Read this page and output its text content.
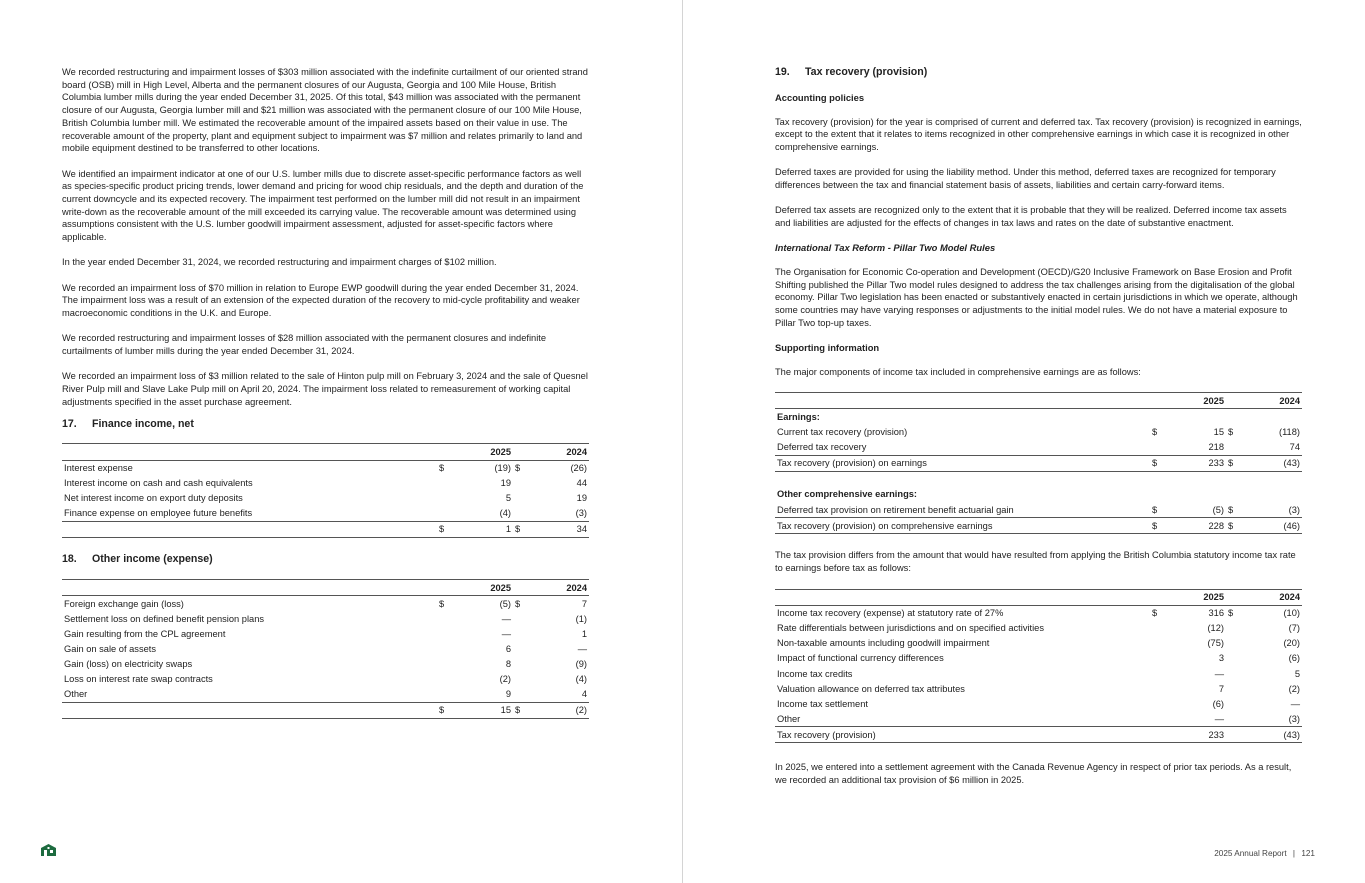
We recorded restructuring and impairment losses of $303 million associated with the indefinite curtailment of our oriented strand board (OSB) mill in High Level, Alberta and the permanent closures of our Augusta, Georgia and 100 Mile House, British Columbia lumber mills during the year ended December 31, 2025. Of this total, $43 million was associated with the permanent closure of our Augusta, Georgia lumber mill and $21 million was associated with the permanent closure of our 100 Mile House, British Columbia lumber mill. We estimated the recoverable amount of the impaired assets based on their value in use. The recoverable amount of the property, plant and equipment subject to impairment was $7 million and relates primarily to land and mobile equipment destined to be transferred to other locations.

We identified an impairment indicator at one of our U.S. lumber mills due to discrete asset-specific performance factors as well as species-specific product pricing trends, lower demand and pricing for wood chip residuals, and the depth and duration of the current downcycle and its expected recovery. The impairment test performed on the lumber mill did not result in an impairment write-down as the recoverable amount of the mill exceeded its carrying value. The recoverable amount was determined using assumptions consistent with the U.S. lumber goodwill impairment assessment, adjusted for asset-specific factors where applicable.

In the year ended December 31, 2024, we recorded restructuring and impairment charges of $102 million.

We recorded an impairment loss of $70 million in relation to Europe EWP goodwill during the year ended December 31, 2024. The impairment loss was a result of an extension of the expected duration of the recovery to mid-cycle profitability and weaker macroeconomic conditions in the U.K. and Europe.

We recorded restructuring and impairment losses of $28 million associated with the permanent closures and indefinite curtailments of lumber mills during the year ended December 31, 2024.

We recorded an impairment loss of $3 million related to the sale of Hinton pulp mill on February 3, 2024 and the sale of Quesnel River Pulp mill and Slave Lake Pulp mill on April 20, 2024. The impairment loss related to remeasurement of working capital adjustments specified in the asset purchase agreement.

17. Finance income, net
		2025		2024
Interest expense	$	(19)	$	(26)
Interest income on cash and cash equivalents		19		44
Net interest income on export duty deposits		5		19
Finance expense on employee future benefits		(4)		(3)
	$	1	$	34
18. Other income (expense)
		2025		2024
Foreign exchange gain (loss)	$	(5)	$	7
Settlement loss on defined benefit pension plans		—		(1)
Gain resulting from the CPL agreement		—		1
Gain on sale of assets		6		—
Gain (loss) on electricity swaps		8		(9)
Loss on interest rate swap contracts		(2)		(4)
Other		9		4
	$	15	$	(2)
19. Tax recovery (provision)
Accounting policies

Tax recovery (provision) for the year is comprised of current and deferred tax. Tax recovery (provision) is recognized in earnings, except to the extent that it relates to items recognized in other comprehensive earnings in which case it is recognized in other comprehensive earnings.

Deferred taxes are provided for using the liability method. Under this method, deferred taxes are recognized for temporary differences between the tax and financial statement basis of assets, liabilities and certain carry-forward items.

Deferred tax assets are recognized only to the extent that it is probable that they will be realized. Deferred income tax assets and liabilities are adjusted for the effects of changes in tax laws and rates on the date of substantive enactment.

International Tax Reform - Pillar Two Model Rules

The Organisation for Economic Co-operation and Development (OECD)/G20 Inclusive Framework on Base Erosion and Profit Shifting published the Pillar Two model rules designed to address the tax challenges arising from the digitalisation of the global economy. Pillar Two legislation has been enacted or substantively enacted in certain jurisdictions in which we operate, although some countries may have varying responses or adjustments to the initial model rules. We do not have a material exposure to Pillar Two top-up taxes.

Supporting information

The major components of income tax included in comprehensive earnings are as follows:

		2025		2024
Earnings:				
Current tax recovery (provision)	$	15	$	(118)
Deferred tax recovery		218		74
Tax recovery (provision) on earnings	$	233	$	(43)

Other comprehensive earnings:				
Deferred tax provision on retirement benefit actuarial gain	$	(5)	$	(3)
Tax recovery (provision) on comprehensive earnings	$	228	$	(46)

The tax provision differs from the amount that would have resulted from applying the British Columbia statutory income tax rate to earnings before tax as follows:

		2025		2024
Income tax recovery (expense) at statutory rate of 27%	$	316	$	(10)
Rate differentials between jurisdictions and on specified activities		(12)		(7)
Non-taxable amounts including goodwill impairment		(75)		(20)
Impact of functional currency differences		3		(6)
Income tax credits		—		5
Valuation allowance on deferred tax attributes		7		(2)
Income tax settlement		(6)		—
Other		—		(3)
Tax recovery (provision)		233		(43)

In 2025, we entered into a settlement agreement with the Canada Revenue Agency in respect of prior tax periods. As a result, we recorded an additional tax provision of $6 million in 2025.

2025 Annual Report | 121
